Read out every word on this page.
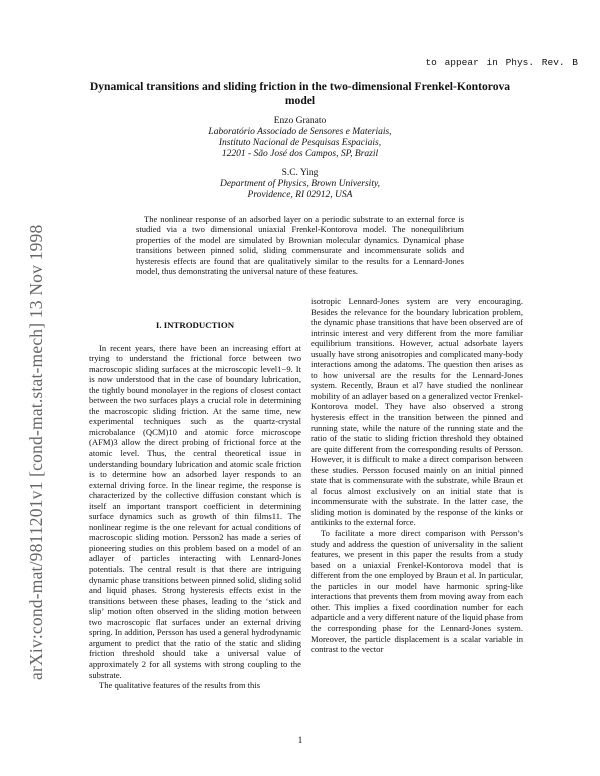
arXiv:cond-mat/9811201v1 [cond-mat.stat-mech] 13 Nov 1998
to appear in Phys. Rev. B
Dynamical transitions and sliding friction in the two-dimensional Frenkel-Kontorova model
Enzo Granato
Laboratório Associado de Sensores e Materiais,
Instituto Nacional de Pesquisas Espaciais,
12201 - São José dos Campos, SP, Brazil
S.C. Ying
Department of Physics, Brown University,
Providence, RI 02912, USA
The nonlinear response of an adsorbed layer on a periodic substrate to an external force is studied via a two dimensional uniaxial Frenkel-Kontorova model. The nonequilibrium properties of the model are simulated by Brownian molecular dynamics. Dynamical phase transitions between pinned solid, sliding commensurate and incommensurate solids and hysteresis effects are found that are qualitatively similar to the results for a Lennard-Jones model, thus demonstrating the universal nature of these features.
I. INTRODUCTION

In recent years, there have been an increasing effort at trying to understand the frictional force between two macroscopic sliding surfaces at the microscopic level1−9. It is now understood that in the case of boundary lubrication, the tightly bound monolayer in the regions of closest contact between the two surfaces plays a crucial role in determining the macroscopic sliding friction. At the same time, new experimental techniques such as the quartz-crystal microbalance (QCM)10 and atomic force microscope (AFM)3 allow the direct probing of frictional force at the atomic level. Thus, the central theoretical issue in understanding boundary lubrication and atomic scale friction is to determine how an adsorbed layer responds to an external driving force. In the linear regime, the response is characterized by the collective diffusion constant which is itself an important transport coefficient in determining surface dynamics such as growth of thin films11. The nonlinear regime is the one relevant for actual conditions of macroscopic sliding motion. Persson2 has made a series of pioneering studies on this problem based on a model of an adlayer of particles interacting with Lennard-Jones potentials. The central result is that there are intriguing dynamic phase transitions between pinned solid, sliding solid and liquid phases. Strong hysteresis effects exist in the transitions between these phases, leading to the ‘stick and slip’ motion often observed in the sliding motion between two macroscopic flat surfaces under an external driving spring. In addition, Persson has used a general hydrodynamic argument to predict that the ratio of the static and sliding friction threshold should take a universal value of approximately 2 for all systems with strong coupling to the substrate.

The qualitative features of the results from this

isotropic Lennard-Jones system are very encouraging. Besides the relevance for the boundary lubrication problem, the dynamic phase transitions that have been observed are of intrinsic interest and very different from the more familiar equilibrium transitions. However, actual adsorbate layers usually have strong anisotropies and complicated many-body interactions among the adatoms. The question then arises as to how universal are the results for the Lennard-Jones system. Recently, Braun et al7 have studied the nonlinear mobility of an adlayer based on a generalized vector Frenkel-Kontorova model. They have also observed a strong hysteresis effect in the transition between the pinned and running state, while the nature of the running state and the ratio of the static to sliding friction threshold they obtained are quite different from the corresponding results of Persson. However, it is difficult to make a direct comparison between these studies. Persson focused mainly on an initial pinned state that is commensurate with the substrate, while Braun et al focus almost exclusively on an initial state that is incommensurate with the substrate. In the latter case, the sliding motion is dominated by the response of the kinks or antikinks to the external force.

To facilitate a more direct comparison with Persson’s study and address the question of universality in the salient features, we present in this paper the results from a study based on a uniaxial Frenkel-Kontorova model that is different from the one employed by Braun et al. In particular, the particles in our model have harmonic spring-like interactions that prevents them from moving away from each other. This implies a fixed coordination number for each adparticle and a very different nature of the liquid phase from the corresponding phase for the Lennard-Jones system. Moreover, the particle displacement is a scalar variable in contrast to the vector

1
